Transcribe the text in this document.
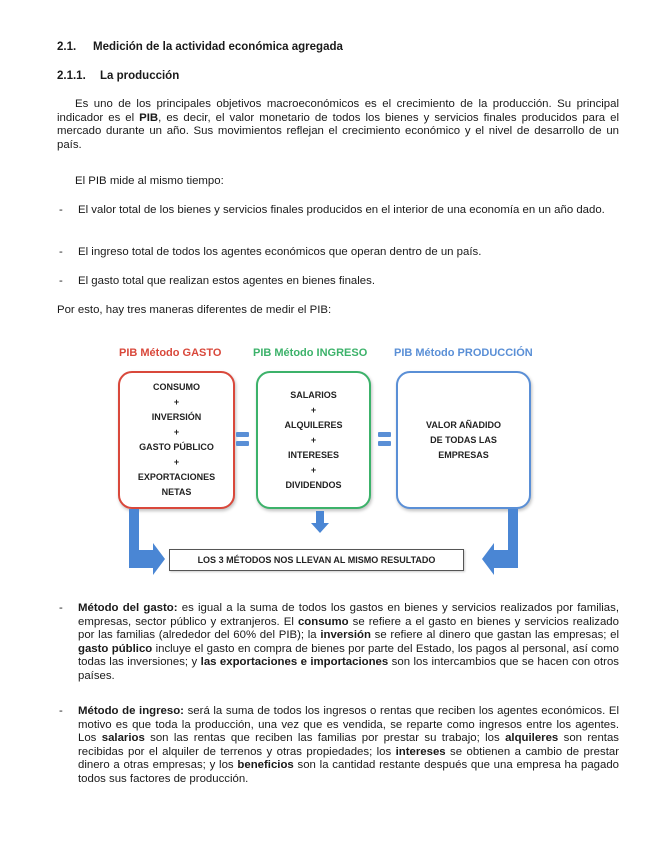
2.1. Medición de la actividad económica agregada
2.1.1. La producción
Es uno de los principales objetivos macroeconómicos es el crecimiento de la producción. Su principal indicador es el PIB, es decir, el valor monetario de todos los bienes y servicios finales producidos para el mercado durante un año. Sus movimientos reflejan el crecimiento económico y el nivel de desarrollo de un país.
El PIB mide al mismo tiempo:
- El valor total de los bienes y servicios finales producidos en el interior de una economía en un año dado.
- El ingreso total de todos los agentes económicos que operan dentro de un país.
- El gasto total que realizan estos agentes en bienes finales.
Por esto, hay tres maneras diferentes de medir el PIB:
PIB Método GASTO	PIB Método INGRESO PIB Método PRODUCCIÓN
CONSUMO
+
INVERSIÓN
+
GASTO PÚBLICO
+
EXPORTACIONES
NETAS
SALARIOS
+
ALQUILERES
+
INTERESES
+
DIVIDENDOS
VALOR AÑADIDO
DE TODAS LAS
EMPRESAS
LOS 3 MÉTODOS NOS LLEVAN AL MISMO RESULTADO
- Método del gasto: es igual a la suma de todos los gastos en bienes y servicios realizados por familias, empresas, sector público y extranjeros. El consumo se refiere a el gasto en bienes y servicios realizado por las familias (alrededor del 60% del PIB); la inversión se refiere al dinero que gastan las empresas; el gasto público incluye el gasto en compra de bienes por parte del Estado, los pagos al personal, así como todas las inversiones; y las exportaciones e importaciones son los intercambios que se hacen con otros países.
- Método de ingreso: será la suma de todos los ingresos o rentas que reciben los agentes económicos. El motivo es que toda la producción, una vez que es vendida, se reparte como ingresos entre los agentes. Los salarios son las rentas que reciben las familias por prestar su trabajo; los alquileres son rentas recibidas por el alquiler de terrenos y otras propiedades; los intereses se obtienen a cambio de prestar dinero a otras empresas; y los beneficios son la cantidad restante después que una empresa ha pagado todos sus factores de producción.
